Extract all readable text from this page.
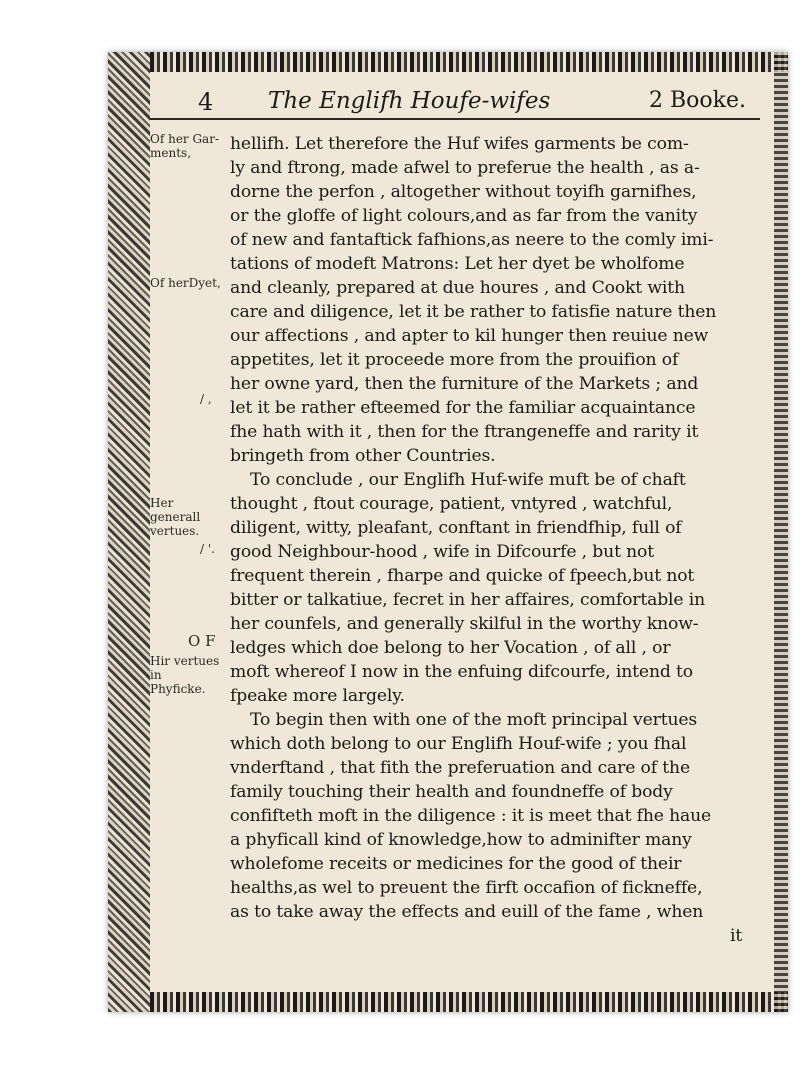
4 The Englifh Houfe-wifes	2 Booke.
Of her Gar-
ments,
Of herDyet,
/ ,
Her generall
vertues.
/ '.
O F
Hir vertues in
Phyficke.
hellifh. Let therefore the Huf wifes garments be com-
ly and ftrong, made afwel to preferue the health , as a-
dorne the perfon , altogether without toyifh garnifhes,
or the gloffe of light colours,and as far from the vanity
of new and fantaftick fafhions,as neere to the comly imi-
tations of modeft Matrons: Let her dyet be wholfome
and cleanly, prepared at due houres , and Cookt with
care and diligence, let it be rather to fatisfie nature then
our affections , and apter to kil hunger then reuiue new
appetites, let it proceede more from the prouifion of
her owne yard, then the furniture of the Markets ; and
let it be rather efteemed for the familiar acquaintance
fhe hath with it , then for the ftrangeneffe and rarity it
bringeth from other Countries.
To conclude , our Englifh Huf-wife muft be of chaft
thought , ftout courage, patient, vntyred , watchful,
diligent, witty, pleafant, conftant in friendfhip, full of
good Neighbour-hood , wife in Difcourfe , but not
frequent therein , fharpe and quicke of fpeech,but not
bitter or talkatiue, fecret in her affaires, comfortable in
her counfels, and generally skilful in the worthy know-
ledges which doe belong to her Vocation , of all , or
moft whereof I now in the enfuing difcourfe, intend to
fpeake more largely.
To begin then with one of the moft principal vertues
which doth belong to our Englifh Houf-wife ; you fhal
vnderftand , that fith the preferuation and care of the
family touching their health and foundneffe of body
confifteth moft in the diligence : it is meet that fhe haue
a phyficall kind of knowledge,how to adminifter many
wholefome receits or medicines for the good of their
healths,as wel to preuent the firft occafion of fickneffe,
as to take away the effects and euill of the fame , when
it
